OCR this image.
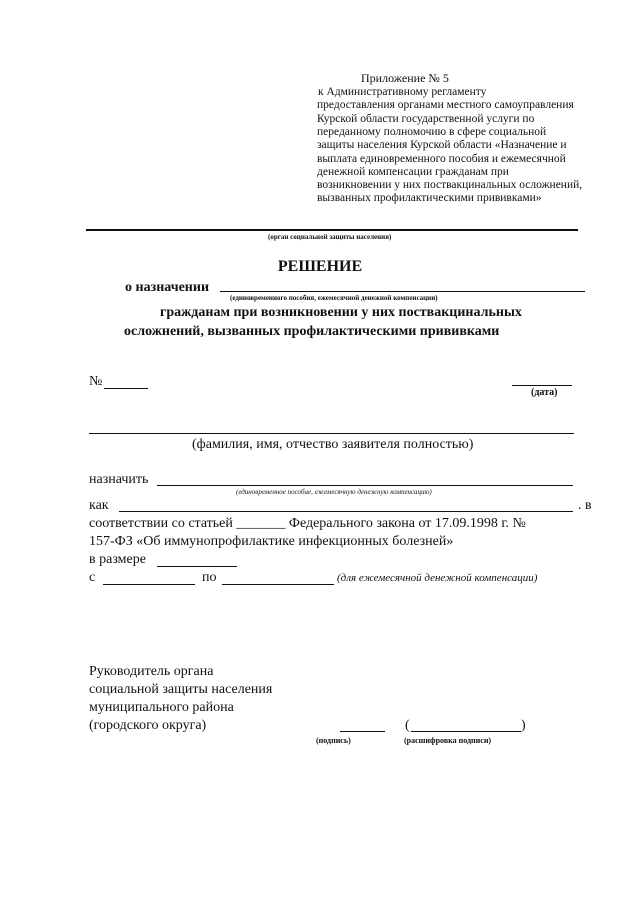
Приложение № 5
к Административному регламенту
предоставления органами местного самоуправления
Курской области государственной услуги по
переданному полномочию в сфере социальной
защиты населения Курской области «Назначение и
выплата единовременного пособия и ежемесячной
денежной компенсации гражданам при
возникновении у них поствакцинальных осложнений,
вызванных профилактическими прививками»
(орган социальной защиты населения)
РЕШЕНИЕ
о назначении
(единовременного пособия, ежемесячной денежной компенсации)
гражданам при возникновении у них поствакцинальных
осложнений, вызванных профилактическими прививками
№
(дата)
(фамилия, имя, отчество заявителя полностью)
назначить
(единовременное пособие, ежемесячную денежную компенсацию)
как	. в
соответствии со статьей _______ Федерального закона от 17.09.1998 г. №
157-ФЗ «Об иммунопрофилактике инфекционных болезней»
в размере
с	по	(для ежемесячной денежной компенсации)
Руководитель органа
социальной защиты населения
муниципального района
(городского округа)
(подпись)
(	)
(расшифровка подписи)
